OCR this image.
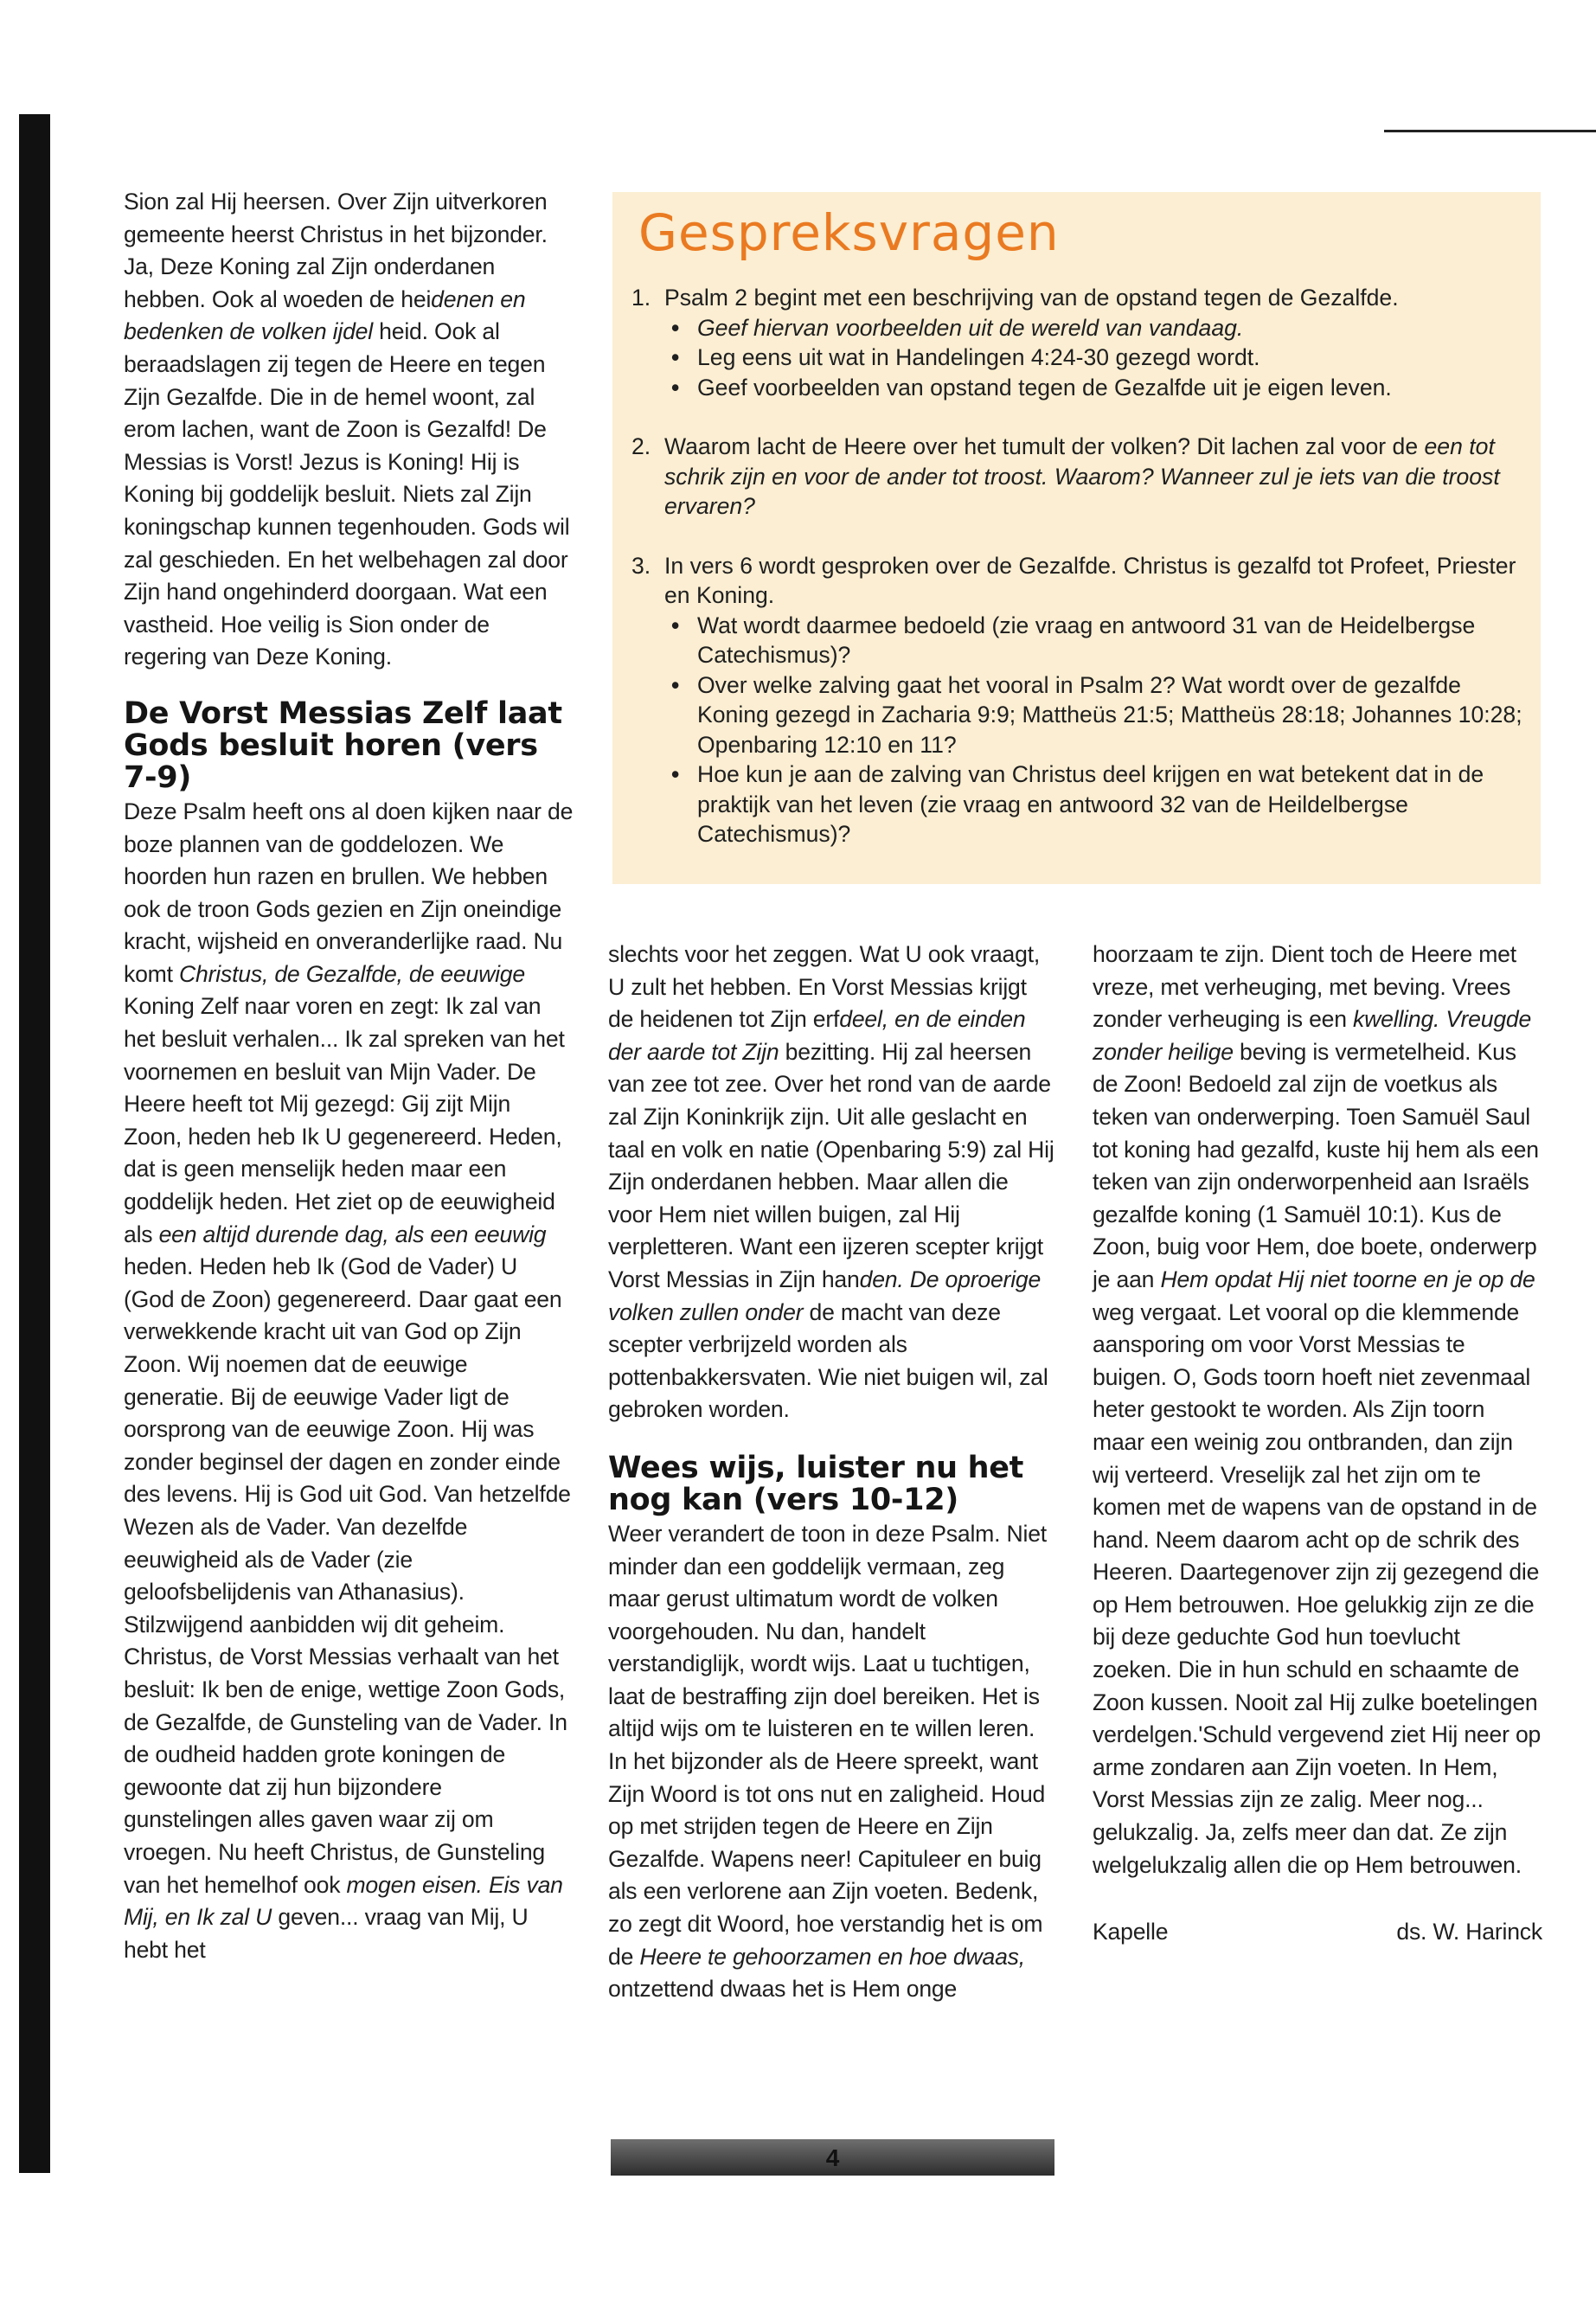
Sion zal Hij heersen. Over Zijn uitverkoren gemeente heerst Christus in het bijzonder. Ja, Deze Koning zal Zijn onderdanen hebben. Ook al woeden de heidenen en bedenken de volken ijdel heid. Ook al beraadslagen zij tegen de Heere en tegen Zijn Gezalfde. Die in de hemel woont, zal erom lachen, want de Zoon is Gezalfd! De Messias is Vorst! Jezus is Koning! Hij is Koning bij goddelijk besluit. Niets zal Zijn koningschap kunnen tegenhouden. Gods wil zal geschieden. En het welbehagen zal door Zijn hand ongehinderd doorgaan. Wat een vastheid. Hoe veilig is Sion onder de regering van Deze Koning.

De Vorst Messias Zelf laat Gods besluit horen (vers 7-9)

Deze Psalm heeft ons al doen kijken naar de boze plannen van de goddelozen. We hoorden hun razen en brullen. We hebben ook de troon Gods gezien en Zijn oneindige kracht, wijsheid en onveranderlijke raad. Nu komt Christus, de Gezalfde, de eeuwige Koning Zelf naar voren en zegt: Ik zal van het besluit verhalen... Ik zal spreken van het voornemen en besluit van Mijn Vader. De Heere heeft tot Mij gezegd: Gij zijt Mijn Zoon, heden heb Ik U gegenereerd. Heden, dat is geen menselijk heden maar een goddelijk heden. Het ziet op de eeuwigheid als een altijd durende dag, als een eeuwig heden. Heden heb Ik (God de Vader) U (God de Zoon) gegenereerd. Daar gaat een verwekkende kracht uit van God op Zijn Zoon. Wij noemen dat de eeuwige generatie. Bij de eeuwige Vader ligt de oorsprong van de eeuwige Zoon. Hij was zonder beginsel der dagen en zonder einde des levens. Hij is God uit God. Van hetzelfde Wezen als de Vader. Van dezelfde eeuwigheid als de Vader (zie geloofsbelijdenis van Athanasius). Stilzwijgend aanbidden wij dit geheim. Christus, de Vorst Messias verhaalt van het besluit: Ik ben de enige, wettige Zoon Gods, de Gezalfde, de Gunsteling van de Vader. In de oudheid hadden grote koningen de gewoonte dat zij hun bijzondere gunstelingen alles gaven waar zij om vroegen. Nu heeft Christus, de Gunsteling van het hemelhof ook mogen eisen. Eis van Mij, en Ik zal U geven... vraag van Mij, U hebt het

Gespreksvragen
1. Psalm 2 begint met een beschrijving van de opstand tegen de Gezalfde.
• Geef hiervan voorbeelden uit de wereld van vandaag.
• Leg eens uit wat in Handelingen 4:24-30 gezegd wordt.
• Geef voorbeelden van opstand tegen de Gezalfde uit je eigen leven.
2. Waarom lacht de Heere over het tumult der volken? Dit lachen zal voor de een tot schrik zijn en voor de ander tot troost. Waarom? Wanneer zul je iets van die troost ervaren?
3. In vers 6 wordt gesproken over de Gezalfde. Christus is gezalfd tot Profeet, Priester en Koning.
• Wat wordt daarmee bedoeld (zie vraag en antwoord 31 van de Heidelbergse Catechismus)?
• Over welke zalving gaat het vooral in Psalm 2? Wat wordt over de gezalfde Koning gezegd in Zacharia 9:9; Mattheüs 21:5; Mattheüs 28:18; Johannes 10:28; Openbaring 12:10 en 11?
• Hoe kun je aan de zalving van Christus deel krijgen en wat betekent dat in de praktijk van het leven (zie vraag en antwoord 32 van de Heildelbergse Catechismus)?

slechts voor het zeggen. Wat U ook vraagt, U zult het hebben. En Vorst Messias krijgt de heidenen tot Zijn erfdeel, en de einden der aarde tot Zijn bezitting. Hij zal heersen van zee tot zee. Over het rond van de aarde zal Zijn Koninkrijk zijn. Uit alle geslacht en taal en volk en natie (Openbaring 5:9) zal Hij Zijn onderdanen hebben. Maar allen die voor Hem niet willen buigen, zal Hij verpletteren. Want een ijzeren scepter krijgt Vorst Messias in Zijn handen. De oproerige volken zullen onder de macht van deze scepter verbrijzeld worden als pottenbakkersvaten. Wie niet buigen wil, zal gebroken worden.

Wees wijs, luister nu het nog kan (vers 10-12)

Weer verandert de toon in deze Psalm. Niet minder dan een goddelijk vermaan, zeg maar gerust ultimatum wordt de volken voorgehouden. Nu dan, handelt verstandiglijk, wordt wijs. Laat u tuchtigen, laat de bestraffing zijn doel bereiken. Het is altijd wijs om te luisteren en te willen leren. In het bijzonder als de Heere spreekt, want Zijn Woord is tot ons nut en zaligheid. Houd op met strijden tegen de Heere en Zijn Gezalfde. Wapens neer! Capituleer en buig als een verlorene aan Zijn voeten. Bedenk, zo zegt dit Woord, hoe verstandig het is om de Heere te gehoorzamen en hoe dwaas, ontzettend dwaas het is Hem onge

hoorzaam te zijn. Dient toch de Heere met vreze, met verheuging, met beving. Vrees zonder verheuging is een kwelling. Vreugde zonder heilige beving is vermetelheid. Kus de Zoon! Bedoeld zal zijn de voetkus als teken van onderwerping. Toen Samuël Saul tot koning had gezalfd, kuste hij hem als een teken van zijn onderworpenheid aan Israëls gezalfde koning (1 Samuël 10:1). Kus de Zoon, buig voor Hem, doe boete, onderwerp je aan Hem opdat Hij niet toorne en je op de weg vergaat. Let vooral op die klemmende aansporing om voor Vorst Messias te buigen. O, Gods toorn hoeft niet zevenmaal heter gestookt te worden. Als Zijn toorn maar een weinig zou ontbranden, dan zijn wij verteerd. Vreselijk zal het zijn om te komen met de wapens van de opstand in de hand. Neem daarom acht op de schrik des Heeren. Daartegenover zijn zij gezegend die op Hem betrouwen. Hoe gelukkig zijn ze die bij deze geduchte God hun toevlucht zoeken. Die in hun schuld en schaamte de Zoon kussen. Nooit zal Hij zulke boetelingen verdelgen.'Schuld vergevend ziet Hij neer op arme zondaren aan Zijn voeten. In Hem, Vorst Messias zijn ze zalig. Meer nog... gelukzalig. Ja, zelfs meer dan dat. Ze zijn welgelukzalig allen die op Hem betrouwen.

Kapelle	ds. W. Harinck

4
